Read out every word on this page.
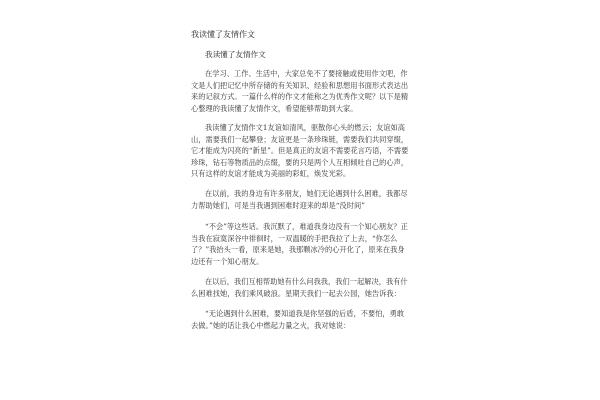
我读懂了友情作文
我读懂了友情作文

在学习、工作、生活中，大家总免不了要接触或使用作文吧，作文是人们把记忆中所存储的有关知识、经验和思想用书面形式表达出来的记叙方式。一篇什么样的作文才能称之为优秀作文呢？以下是精心整理的我读懂了友情作文，希望能够帮助到大家。

我读懂了友情作文1友谊如清风，驱散你心头的燃云；友谊如高山，需要我们一起攀登；友谊更是一条珍珠链，需要我们共同穿缀，它才能成为闪亮的“新星”。但是真正的友谊不需要花言巧语，不需要珍珠，钻石等物质品的点缀，要的只是两个人互相倾吐自己的心声，只有这样的友谊才能成为美丽的彩虹，焕发光彩。

在以前，我的身边有许多朋友，她们无论遇到什么困难，我都尽力帮助她们，可是当我遇到困难时迎来的却是“没时间”

“不会”等这些话。我沉默了，难道我身边没有一个知心朋友？正当我在寂寞深谷中徘徊时，一双温暖的手把我拉了上去，“你怎么了？”我抬头一看，原来是她，我那颗冰冷的心开化了，原来在我身边还有一个知心朋友。

在以后，我们互相帮助她有什么问我我，我们一起解决，我有什么困难找她，我们乘风破浪。星期天我们一起去公园，她告诉我：

“无论遇到什么困难，要知道我是你坚强的后盾，不要怕，勇敢去做。”她的话让我心中燃起力量之火，我对她说：
